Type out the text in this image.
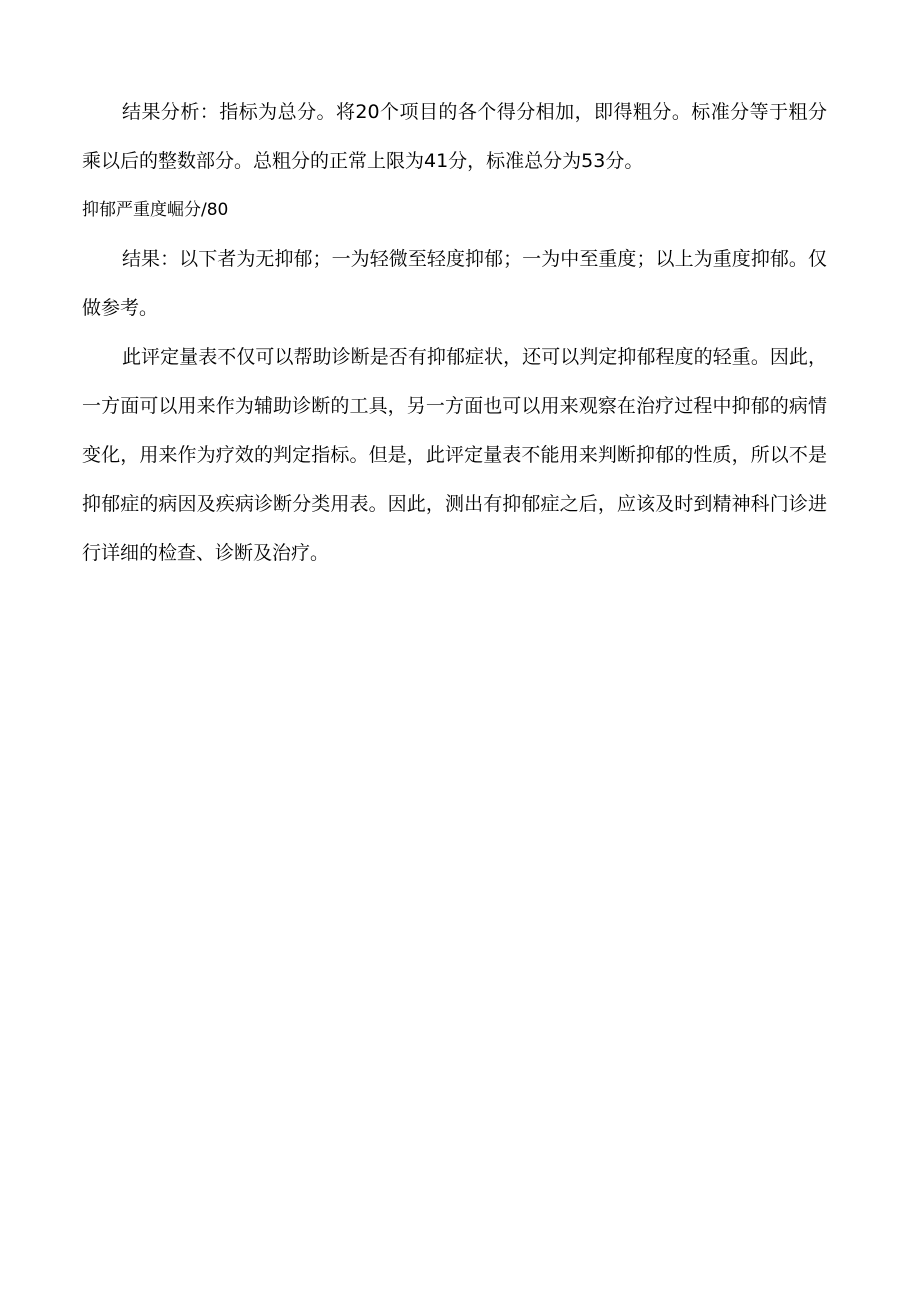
结果分析：指标为总分。将20个项目的各个得分相加，即得粗分。标准分等于粗分乘以后的整数部分。总粗分的正常上限为41分，标准总分为53分。

抑郁严重度崛分/80

结果：以下者为无抑郁；一为轻微至轻度抑郁；一为中至重度；以上为重度抑郁。仅做参考。

此评定量表不仅可以帮助诊断是否有抑郁症状，还可以判定抑郁程度的轻重。因此，一方面可以用来作为辅助诊断的工具，另一方面也可以用来观察在治疗过程中抑郁的病情变化，用来作为疗效的判定指标。但是，此评定量表不能用来判断抑郁的性质，所以不是抑郁症的病因及疾病诊断分类用表。因此，测出有抑郁症之后，应该及时到精神科门诊进行详细的检查、诊断及治疗。
